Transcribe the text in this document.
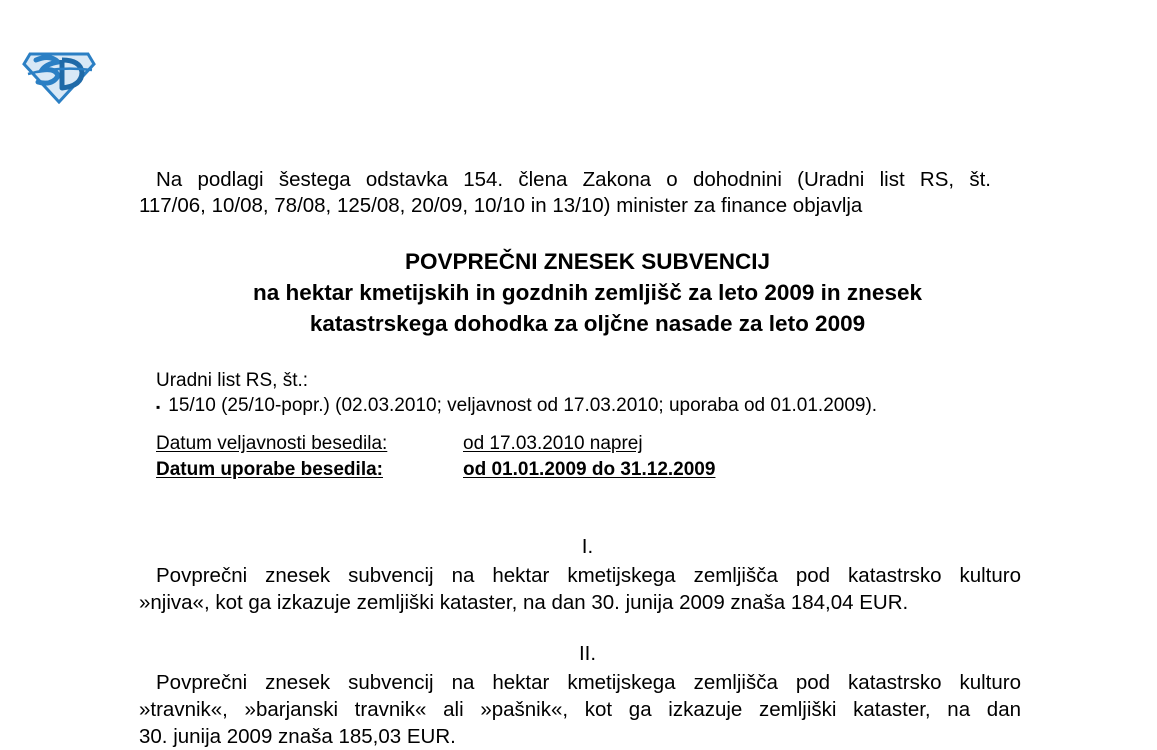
Na podlagi šestega odstavka 154. člena Zakona o dohodnini (Uradni list RS, št.
117/06, 10/08, 78/08, 125/08, 20/09, 10/10 in 13/10) minister za finance objavlja
POVPREČNI ZNESEK SUBVENCIJ
na hektar kmetijskih in gozdnih zemljišč za leto 2009 in znesek
katastrskega dohodka za oljčne nasade za leto 2009
Uradni list RS, št.:
▪ 15/10 (25/10-popr.) (02.03.2010; veljavnost od 17.03.2010; uporaba od 01.01.2009).
Datum veljavnosti besedila:	od 17.03.2010 naprej
Datum uporabe besedila:	od 01.01.2009 do 31.12.2009
I.
Povprečni znesek subvencij na hektar kmetijskega zemljišča pod katastrsko kulturo
»njiva«, kot ga izkazuje zemljiški kataster, na dan 30. junija 2009 znaša 184,04 EUR.
II.
Povprečni znesek subvencij na hektar kmetijskega zemljišča pod katastrsko kulturo
»travnik«, »barjanski travnik« ali »pašnik«, kot ga izkazuje zemljiški kataster, na dan
30. junija 2009 znaša 185,03 EUR.
